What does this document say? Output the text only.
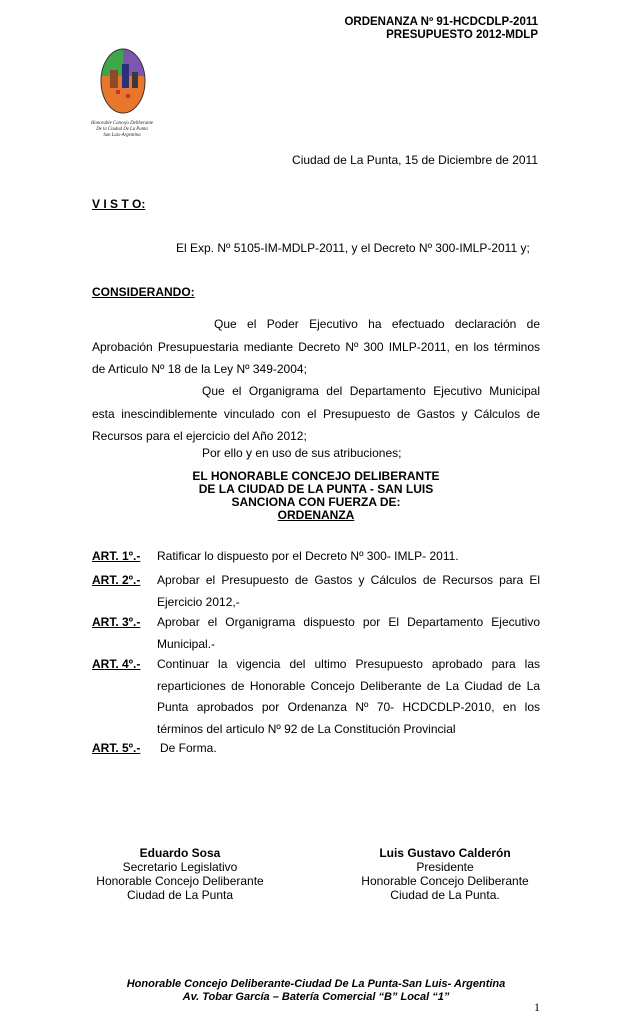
ORDENANZA Nº 91-HCDCDLP-2011
PRESUPUESTO 2012-MDLP
Honorable Concejo Deliberante
De la Ciudad De La Punta
San Luis-Argentina
Ciudad de La Punta, 15 de Diciembre de 2011
V I S T O:
El Exp. Nº 5105-IM-MDLP-2011, y el Decreto Nº 300-IMLP-2011 y;
CONSIDERANDO:
Que el Poder Ejecutivo ha efectuado declaración de Aprobación Presupuestaria mediante Decreto Nº 300 IMLP-2011, en los términos de Articulo Nº 18 de la Ley Nº 349-2004;
Que el Organigrama del Departamento Ejecutivo Municipal esta inescindiblemente vinculado con el Presupuesto de Gastos y Cálculos de Recursos para el ejercicio del Año 2012;
Por ello y en uso de sus atribuciones;
EL HONORABLE CONCEJO DELIBERANTE
DE LA CIUDAD DE LA PUNTA - SAN LUIS
SANCIONA CON FUERZA DE:
ORDENANZA
ART. 1º.- Ratificar lo dispuesto por el Decreto Nº 300- IMLP- 2011.
ART. 2º.- Aprobar el Presupuesto de Gastos y Cálculos de Recursos para El Ejercicio 2012,-
ART. 3º.- Aprobar el Organigrama dispuesto por El Departamento Ejecutivo Municipal.-
ART. 4º.- Continuar la vigencia del ultimo Presupuesto aprobado para las reparticiones de Honorable Concejo Deliberante de La Ciudad de La Punta aprobados por Ordenanza Nº 70- HCDCDLP-2010, en los términos del articulo Nº 92 de La Constitución Provincial
ART. 5º.- De Forma.
Eduardo Sosa
Secretario Legislativo
Honorable Concejo Deliberante
Ciudad de La Punta
Luis Gustavo Calderón
Presidente
Honorable Concejo Deliberante
Ciudad de La Punta.
Honorable Concejo Deliberante-Ciudad De La Punta-San Luis- Argentina
Av. Tobar García – Batería Comercial “B” Local “1”
1
